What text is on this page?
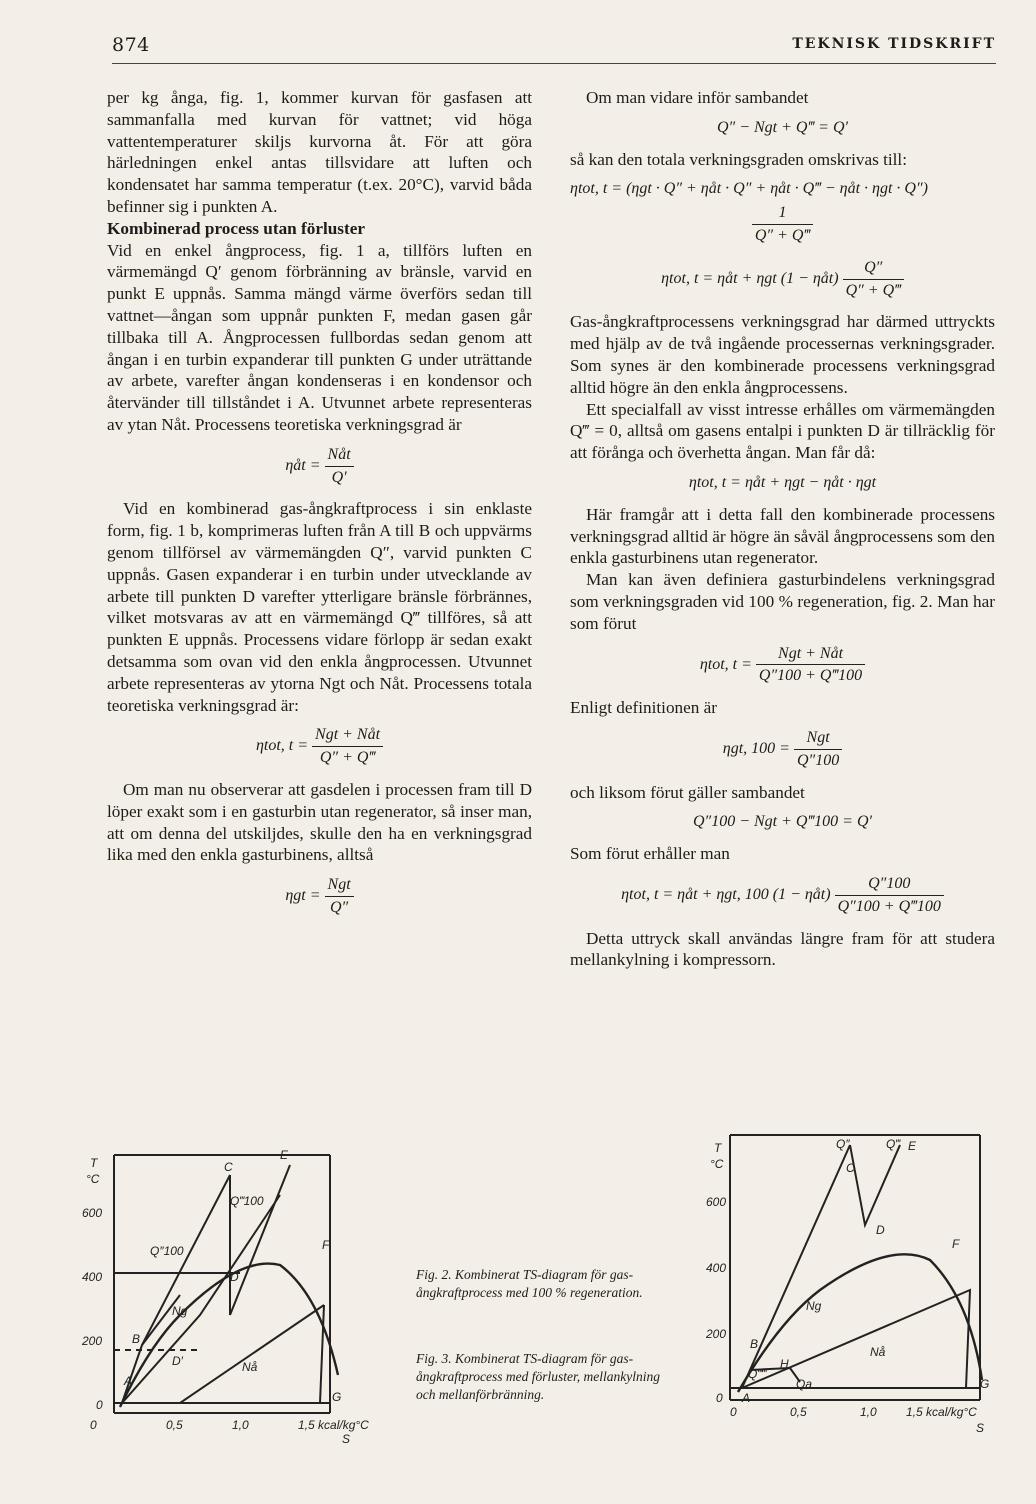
874	TEKNISK TIDSKRIFT

per kg ånga, fig. 1, kommer kurvan för gasfasen att sammanfalla med kurvan för vattnet; vid höga vattentemperaturer skiljs kurvorna åt. För att göra härledningen enkel antas tillsvidare att luften och kondensatet har samma temperatur (t.ex. 20°C), varvid båda befinner sig i punkten A.

Kombinerad process utan förluster

Vid en enkel ångprocess, fig. 1 a, tillförs luften en värmemängd Q′ genom förbränning av bränsle, varvid en punkt E uppnås. Samma mängd värme överförs sedan till vattnet—ångan som uppnår punkten F, medan gasen går tillbaka till A. Ångprocessen fullbordas sedan genom att ångan i en turbin expanderar till punkten G under uträttande av arbete, varefter ångan kondenseras i en kondensor och återvänder till tillståndet i A. Utvunnet arbete representeras av ytan Nåt. Processens teoretiska verkningsgrad är

ηåt = $\frac{\text{Nåt}}{Q'}$

Vid en kombinerad gas-ångkraftprocess i sin enklaste form, fig. 1 b, komprimeras luften från A till B och uppvärms genom tillförsel av värmemängden Q″, varvid punkten C uppnås. Gasen expanderar i en turbin under utvecklande av arbete till punkten D varefter ytterligare bränsle förbrännes, vilket motsvaras av att en värmemängd Q‴ tillföres, så att punkten E uppnås. Processens vidare förlopp är sedan exakt detsamma som ovan vid den enkla ångprocessen. Utvunnet arbete representeras av ytorna Ngt och Nåt. Processens totala teoretiska verkningsgrad är:

ηtot, $t = \frac{\text{Ngt + Nåt}}{Q'' + Q‴}$

Om man nu observerar att gasdelen i processen fram till D löper exakt som i en gasturbin utan regenerator, så inser man, att om denna del utskiljdes, skulle den ha en verkningsgrad lika med den enkla gasturbinens, alltså

$\eta gt = \frac{\text{Ngt}}{Q''}$

Om man vidare inför sambandet

Q″ − Ngt + Q‴ = Q′

så kan den totala verkningsgraden omskrivas till:

ηtot, t = (ηgt · Q″ + ηåt · Q″ + ηåt · Q‴ − ηåt · ηgt · Q″)
$\frac{1}{Q'' + Q‴}$
ηtot, t = ηåt + ηgt (1 − ηåt) $\frac{Q''}{Q'' + Q‴}$

Gas-ångkraftprocessens verkningsgrad har därmed uttryckts med hjälp av de två ingående processernas verkningsgrader. Som synes är den kombinerade processens verkningsgrad alltid högre än den enkla ångprocessens.

Ett specialfall av visst intresse erhålles om värmemängden Q‴ = 0, alltså om gasens entalpi i punkten D är tillräcklig för att förånga och överhetta ångan. Man får då:

ηtot, t = ηåt + ηgt − ηåt · ηgt

Här framgår att i detta fall den kombinerade processens verkningsgrad alltid är högre än såväl ångprocessens som den enkla gasturbinens utan regenerator.

Man kan även definiera gasturbindelens verkningsgrad som verkningsgraden vid 100 % regeneration, fig. 2. Man har som förut

ηtot, $t = \frac{\text{Ngt + Nåt}}{Q''100 + Q‴100}$

Enligt definitionen är

ηgt, $100 = \frac{\text{Ngt}}{Q''100}$

och liksom förut gäller sambandet

Q″100 − Ngt + Q‴100 = Q′

Som förut erhåller man

ηtot, t = ηåt + ηgt, 100 (1 − ηåt) $\frac{Q''100}{Q''100 + Q‴100}$

Detta uttryck skall användas längre fram för att studera mellankylning i kompressorn.

T
°C
600
400
200
0
0	0,5	1,0	1,5 kcal/kg°C
S
C
E
F
D
D′
B
A
G
Q″100
Q‴100
Ng
Nå
T
°C
600
400
200
0
0	0,5	1,0 1,5 kcal/kg°C
S
Q″	Q‴ E
C
D
F
B
A
G
H
Qa
Q‴‴
Ng
Nå
Fig. 2. Kombinerat TS-diagram för gas-ångkraftprocess med 100 % regeneration.
Fig. 3. Kombinerat TS-diagram för gas-ångkraftprocess med förluster, mellankylning och mellanförbränning.
